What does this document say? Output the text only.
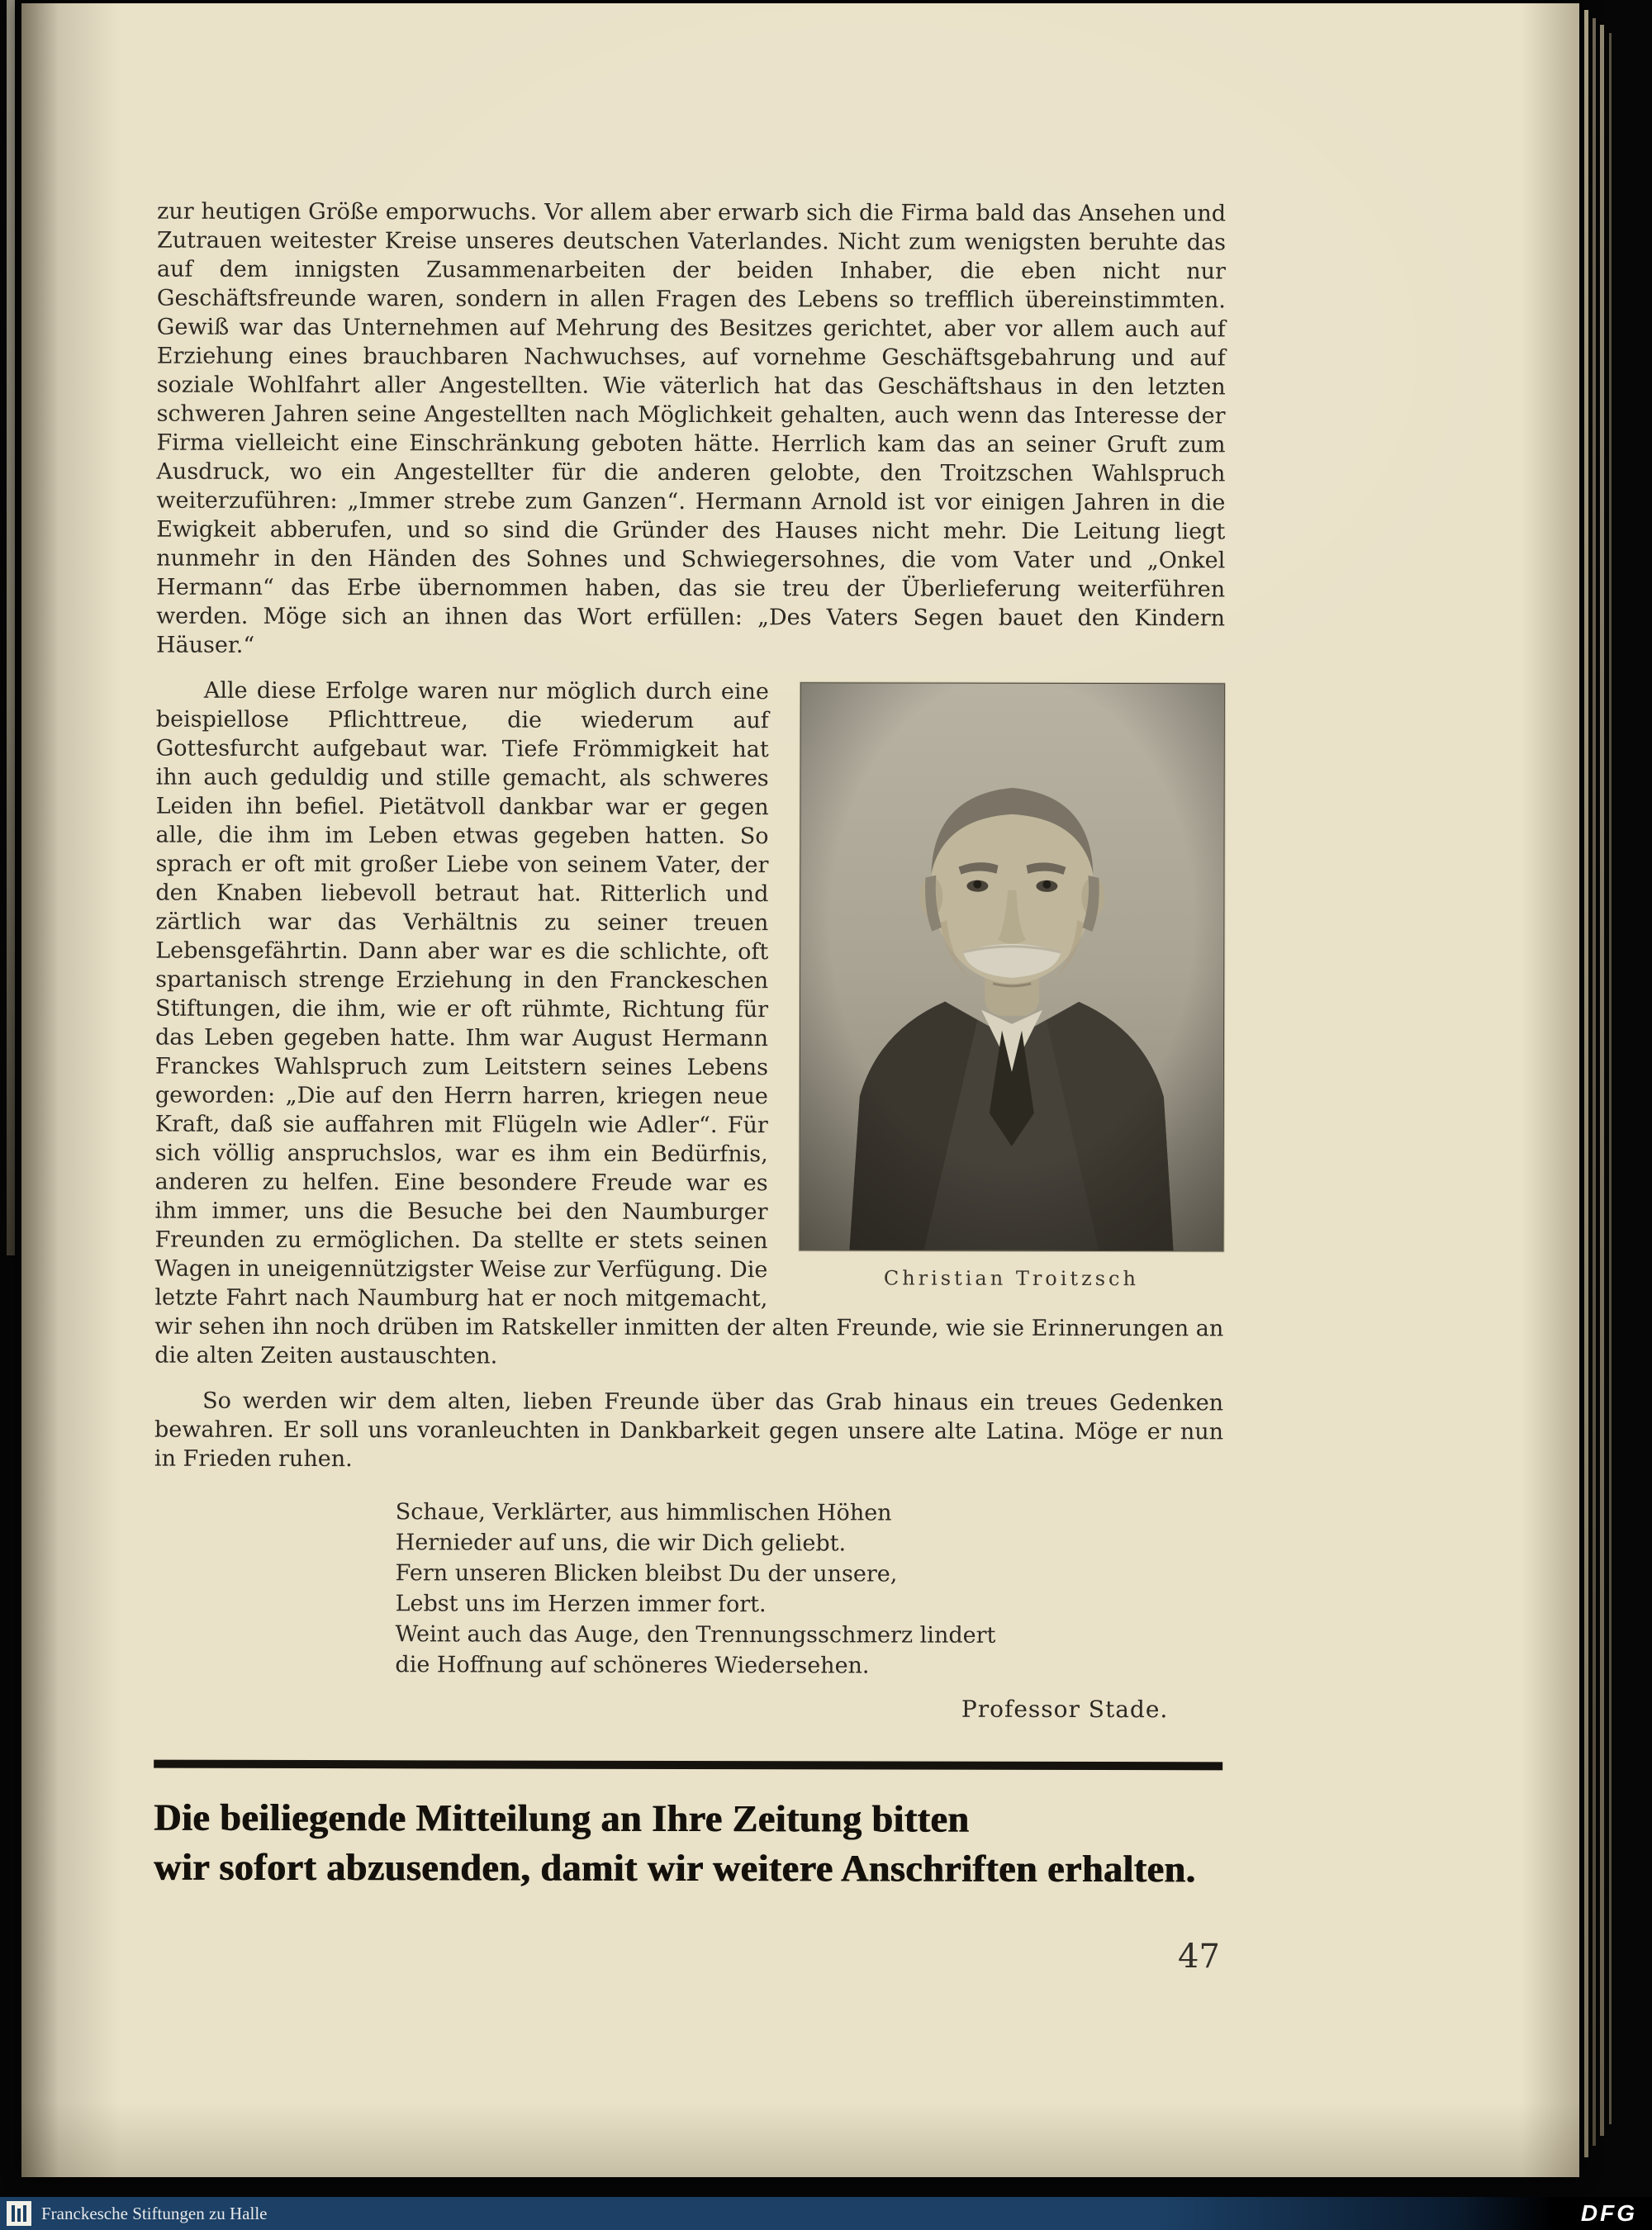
zur heutigen Größe emporwuchs. Vor allem aber erwarb sich die Firma bald das Ansehen und Zutrauen weitester Kreise unseres deutschen Vaterlandes. Nicht zum wenigsten beruhte das auf dem innigsten Zusammenarbeiten der beiden Inhaber, die eben nicht nur Geschäftsfreunde waren, sondern in allen Fragen des Lebens so trefflich übereinstimmten. Gewiß war das Unternehmen auf Mehrung des Besitzes gerichtet, aber vor allem auch auf Erziehung eines brauchbaren Nachwuchses, auf vornehme Geschäftsgebahrung und auf soziale Wohlfahrt aller Angestellten. Wie väterlich hat das Geschäftshaus in den letzten schweren Jahren seine Angestellten nach Möglichkeit gehalten, auch wenn das Interesse der Firma vielleicht eine Einschränkung geboten hätte. Herrlich kam das an seiner Gruft zum Ausdruck, wo ein Angestellter für die anderen gelobte, den Troitzschen Wahlspruch weiterzuführen: „Immer strebe zum Ganzen“. Hermann Arnold ist vor einigen Jahren in die Ewigkeit abberufen, und so sind die Gründer des Hauses nicht mehr. Die Leitung liegt nunmehr in den Händen des Sohnes und Schwiegersohnes, die vom Vater und „Onkel Hermann“ das Erbe übernommen haben, das sie treu der Überlieferung weiterführen werden. Möge sich an ihnen das Wort erfüllen: „Des Vaters Segen bauet den Kindern Häuser.“

Christian Troitzsch

Alle diese Erfolge waren nur möglich durch eine beispiellose Pflichttreue, die wiederum auf Gottesfurcht aufgebaut war. Tiefe Frömmigkeit hat ihn auch geduldig und stille gemacht, als schweres Leiden ihn befiel. Pietätvoll dankbar war er gegen alle, die ihm im Leben etwas gegeben hatten. So sprach er oft mit großer Liebe von seinem Vater, der den Knaben liebevoll betraut hat. Ritterlich und zärtlich war das Verhältnis zu seiner treuen Lebensgefährtin. Dann aber war es die schlichte, oft spartanisch strenge Erziehung in den Franckeschen Stiftungen, die ihm, wie er oft rühmte, Richtung für das Leben gegeben hatte. Ihm war August Hermann Franckes Wahlspruch zum Leitstern seines Lebens geworden: „Die auf den Herrn harren, kriegen neue Kraft, daß sie auffahren mit Flügeln wie Adler“. Für sich völlig anspruchslos, war es ihm ein Bedürfnis, anderen zu helfen. Eine besondere Freude war es ihm immer, uns die Besuche bei den Naumburger Freunden zu ermöglichen. Da stellte er stets seinen Wagen in uneigennützigster Weise zur Verfügung. Die letzte Fahrt nach Naumburg hat er noch mitgemacht, wir sehen ihn noch drüben im Ratskeller inmitten der alten Freunde, wie sie Erinnerungen an die alten Zeiten austauschten.

So werden wir dem alten, lieben Freunde über das Grab hinaus ein treues Gedenken bewahren. Er soll uns voranleuchten in Dankbarkeit gegen unsere alte Latina. Möge er nun in Frieden ruhen.

Schaue, Verklärter, aus himmlischen Höhen
Hernieder auf uns, die wir Dich geliebt.
Fern unseren Blicken bleibst Du der unsere,
Lebst uns im Herzen immer fort.
Weint auch das Auge, den Trennungsschmerz lindert
die Hoffnung auf schöneres Wiedersehen.
Professor Stade.
Die beiliegende Mitteilung an Ihre Zeitung bitten
wir sofort abzusenden, damit wir weitere Anschriften erhalten.
47
Franckesche Stiftungen zu Halle	DFG
